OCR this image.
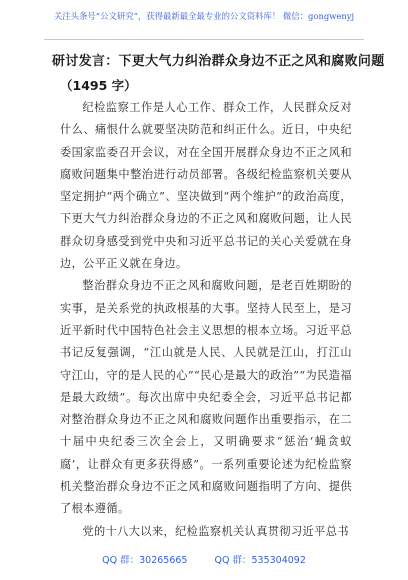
关注头条号“公文研究”，获得最新最全最专业的公文资料库！ 微信：gongwenyj
研讨发言：下更大气力纠治群众身边不正之风和腐败问题
（1495 字）

纪检监察工作是人心工作、群众工作，人民群众反对什么、痛恨什么就要坚决防范和纠正什么。近日，中央纪委国家监委召开会议，对在全国开展群众身边不正之风和腐败问题集中整治进行动员部署。各级纪检监察机关要从坚定拥护“两个确立”、坚决做到“两个维护”的政治高度，下更大气力纠治群众身边的不正之风和腐败问题，让人民群众切身感受到党中央和习近平总书记的关心关爱就在身边，公平正义就在身边。

整治群众身边不正之风和腐败问题，是老百姓期盼的实事，是关系党的执政根基的大事。坚持人民至上，是习近平新时代中国特色社会主义思想的根本立场。习近平总书记反复强调，“江山就是人民、人民就是江山，打江山守江山，守的是人民的心”“民心是最大的政治”“为民造福是最大政绩”。每次出席中央纪委全会，习近平总书记都对整治群众身边不正之风和腐败问题作出重要指示，在二十届中央纪委三次全会上，又明确要求“惩治‘蝇贪蚁腐’，让群众有更多获得感”。一系列重要论述为纪检监察机关整治群众身边不正之风和腐败问题指明了方向、提供了根本遵循。

党的十八大以来，纪检监察机关认真贯彻习近平总书

QQ 群：30265665	QQ 群：535304092
